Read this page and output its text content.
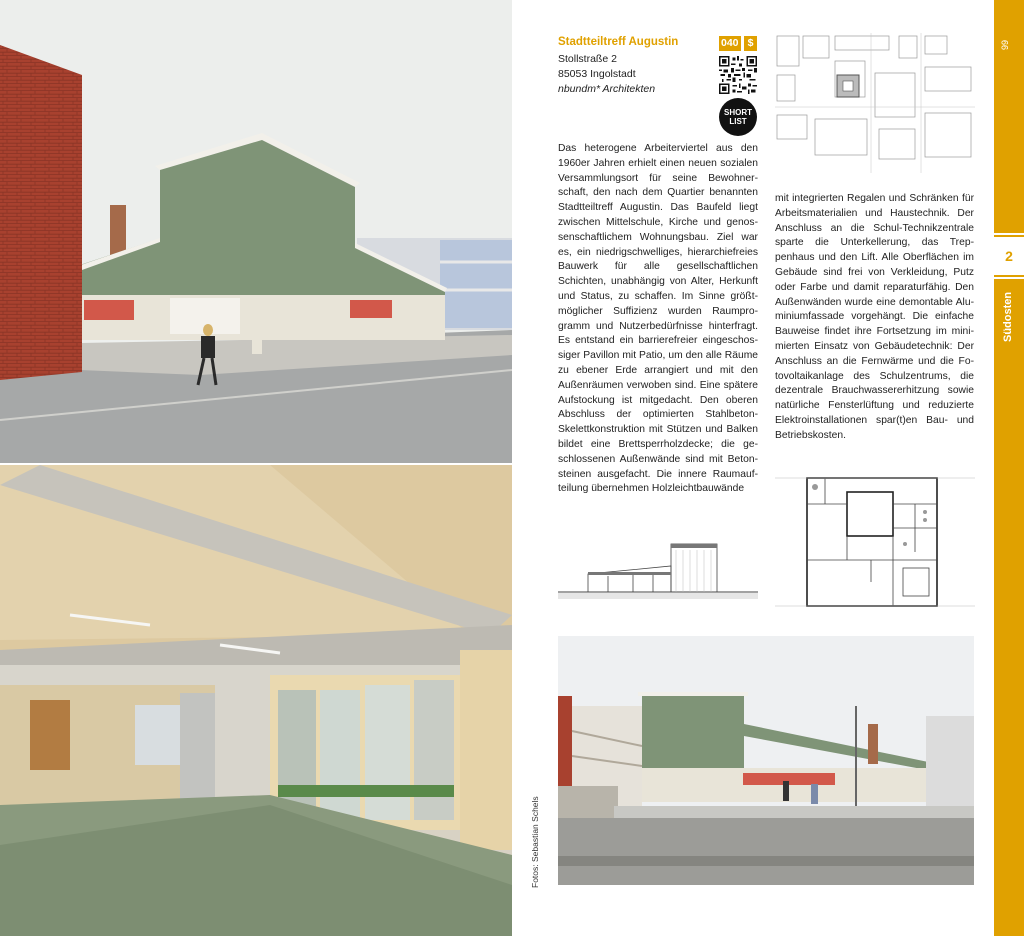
Fotos: Sebastian Schels
Stadtteiltreff Augustin
Stollstraße 2
85053 Ingolstadt
nbundm* Architekten
040 $
SHORT
LIST
Das heterogene Arbeiterviertel aus den 1960er Jahren erhielt einen neuen sozialen Versammlungsort für seine Bewohnerschaft, den nach dem Quartier benannten Stadtteiltreff Augustin. Das Baufeld liegt zwischen Mittelschule, Kirche und genossenschaftlichem Wohnungsbau. Ziel war es, ein niedrigschwelliges, hierarchiefreies Bauwerk für alle gesellschaftlichen Schichten, unabhängig von Alter, Herkunft und Status, zu schaffen. Im Sinne größtmöglicher Suffizienz wurden Raumprogramm und Nutzerbedürfnisse hinterfragt. Es entstand ein barrierefreier eingeschossiger Pavillon mit Patio, um den alle Räume zu ebener Erde arrangiert und mit den Außenräumen verwoben sind. Eine spätere Aufstockung ist mitgedacht. Den oberen Abschluss der optimierten Stahlbeton-Skelettkonstruktion mit Stützen und Balken bildet eine Brettsperrholzdecke; die geschlossenen Außenwände sind mit Betonsteinen ausgefacht. Die innere Raumaufteilung übernehmen Holzleichtbauwände
mit integrierten Regalen und Schränken für Arbeitsmaterialien und Haustechnik. Der Anschluss an die Schul-Technikzentrale sparte die Unterkellerung, das Treppenhaus und den Lift. Alle Oberflächen im Gebäude sind frei von Verkleidung, Putz oder Farbe und damit reparaturfähig. Den Außenwänden wurde eine demontable Aluminiumfassade vorgehängt. Die einfache Bauweise findet ihre Fortsetzung im minimierten Einsatz von Gebäudetechnik: Der Anschluss an die Fernwärme und die Fotovoltaikanlage des Schulzentrums, die dezentrale Brauchwassererhitzung sowie natürliche Fensterlüftung und reduzierte Elektroinstallationen spar(t)en Bau- und Betriebskosten.
99
2
Südosten
